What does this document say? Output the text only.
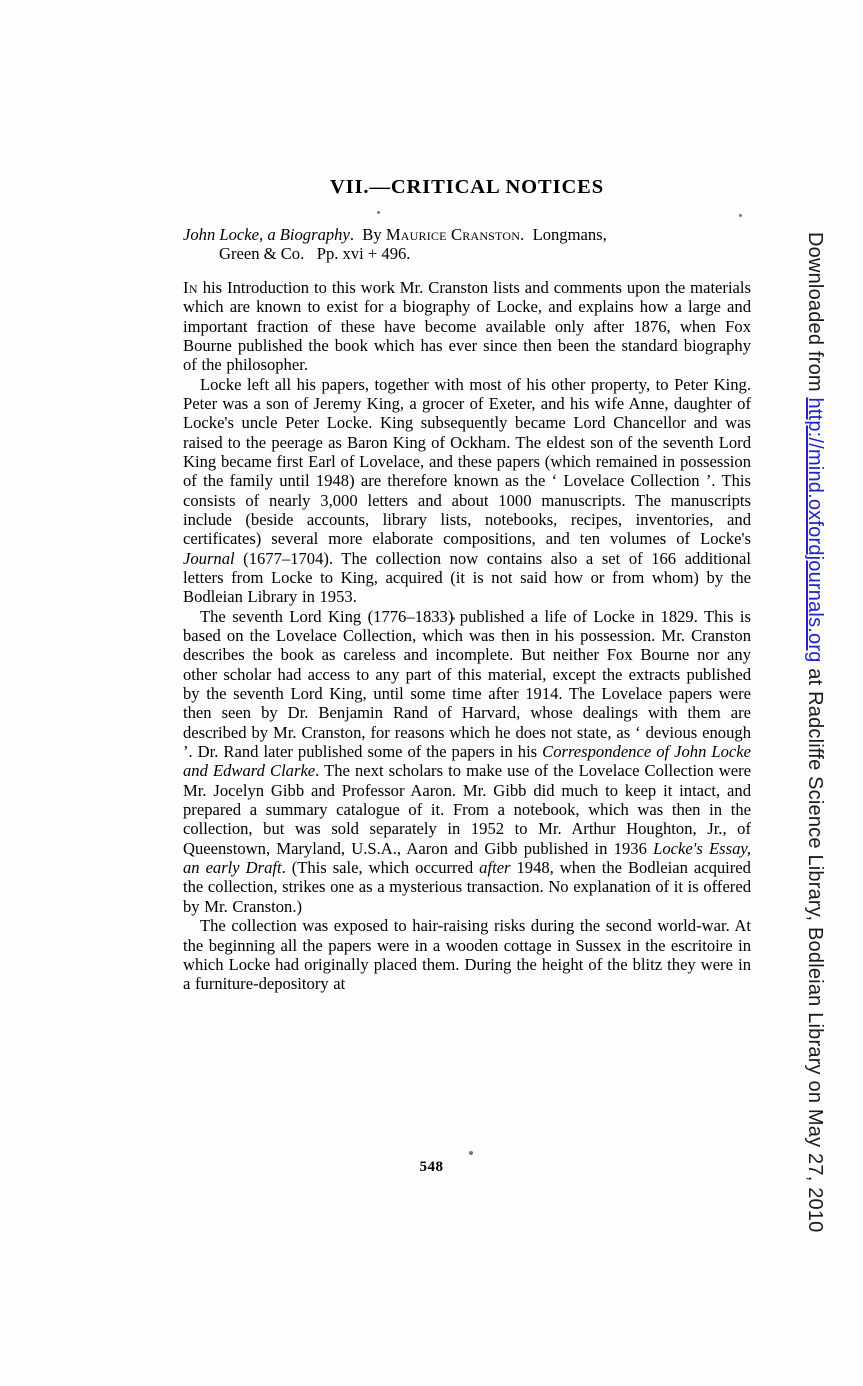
VII.—CRITICAL NOTICES
John Locke, a Biography.  By Maurice Cranston.  Longmans,
Green & Co. Pp. xvi + 496.

In his Introduction to this work Mr. Cranston lists and comments upon the materials which are known to exist for a biography of Locke, and explains how a large and important fraction of these have become available only after 1876, when Fox Bourne published the book which has ever since then been the standard biography of the philosopher.

Locke left all his papers, together with most of his other property, to Peter King. Peter was a son of Jeremy King, a grocer of Exeter, and his wife Anne, daughter of Locke's uncle Peter Locke. King subsequently became Lord Chancellor and was raised to the peerage as Baron King of Ockham. The eldest son of the seventh Lord King became first Earl of Lovelace, and these papers (which remained in possession of the family until 1948) are therefore known as the ‘ Lovelace Collection ’. This consists of nearly 3,000 letters and about 1000 manuscripts. The manuscripts include (beside accounts, library lists, notebooks, recipes, inventories, and certificates) several more elaborate compositions, and ten volumes of Locke's Journal (1677–1704). The collection now contains also a set of 166 additional letters from Locke to King, acquired (it is not said how or from whom) by the Bodleian Library in 1953.

The seventh Lord King (1776–1833) published a life of Locke in 1829. This is based on the Lovelace Collection, which was then in his possession. Mr. Cranston describes the book as careless and incomplete. But neither Fox Bourne nor any other scholar had access to any part of this material, except the extracts published by the seventh Lord King, until some time after 1914. The Lovelace papers were then seen by Dr. Benjamin Rand of Harvard, whose dealings with them are described by Mr. Cranston, for reasons which he does not state, as ‘ devious enough ’. Dr. Rand later published some of the papers in his Correspondence of John Locke and Edward Clarke. The next scholars to make use of the Lovelace Collection were Mr. Jocelyn Gibb and Professor Aaron. Mr. Gibb did much to keep it intact, and prepared a summary catalogue of it. From a notebook, which was then in the collection, but was sold separately in 1952 to Mr. Arthur Houghton, Jr., of Queenstown, Maryland, U.S.A., Aaron and Gibb published in 1936 Locke's Essay, an early Draft. (This sale, which occurred after 1948, when the Bodleian acquired the collection, strikes one as a mysterious transaction. No explanation of it is offered by Mr. Cranston.)

The collection was exposed to hair-raising risks during the second world-war. At the beginning all the papers were in a wooden cottage in Sussex in the escritoire in which Locke had originally placed them. During the height of the blitz they were in a furniture-depository at

548
Downloaded from http://mind.oxfordjournals.org at Radcliffe Science Library, Bodleian Library on May 27, 2010
